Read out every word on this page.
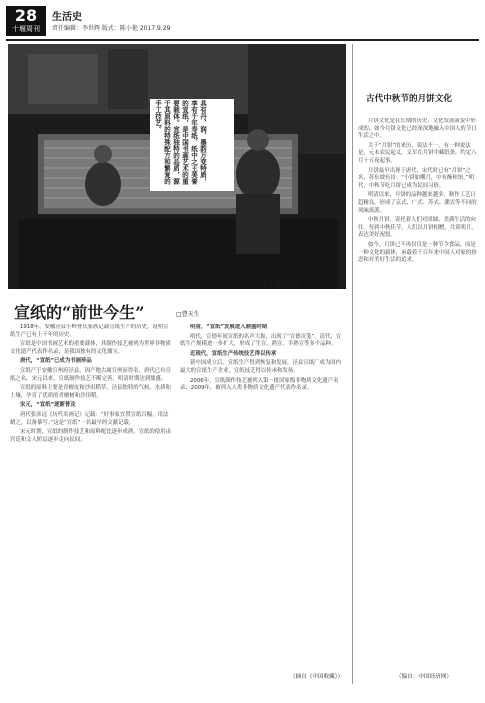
28
十堰周刊
生活史
责任编辑：李世辉 版式：陈小艳 2017.9.29
具有丹、润、墨韵万变特质，享有千年寿纸、纸中之王美誉的宣纸，是中国书画艺术的重要载体。宣纸独特的品质，源于其原料的特殊配方和繁复的手工技艺。
手工制作宣纸。
宣纸的“前世今生”	□曹天生

1918年，安徽泾县小岭曹氏家族记载宣纸生产的历史，说明宣纸生产已有上千年的历史。

宣纸是中国书画艺术的重要载体，其制作技艺被列为世界非物质文化遗产代表作名录，是我国独有的文化瑰宝。

唐代，“宣纸”已成为书画珍品

宣纸产于安徽宣州府泾县，因产地古属宣州而得名。唐代已有宣纸之名，宋元以来，宣纸制作技艺不断完善，明清时期达到鼎盛。

宣纸的原料主要是青檀皮和沙田稻草，泾县独特的气候、水质和土壤，孕育了优质的青檀树和沙田稻。

宋元，“宣纸”逐渐普及

唐代张彦远《历代名画记》记载：“好事家宜置宣纸百幅，用法蜡之，以备摹写。”这是“宣纸”一名最早的文献记载。

宋元时期，宣纸的制作技艺和原料配比逐步成熟，宣纸的使用由宫廷和文人阶层逐步走向民间。

明清，“宣纸”发展进入鼎盛时期

明代，宣德年间宣纸的名声大振，出现了“宣德贡笺”。清代，宣纸生产规模进一步扩大，形成了生宣、熟宣、半熟宣等多个品种。

近现代，宣纸生产传统技艺得以传承

新中国成立后，宣纸生产得到恢复和发展，泾县宣纸厂成为国内最大的宣纸生产企业，宣纸技艺得以传承和发扬。

2006年，宣纸制作技艺被列入第一批国家级非物质文化遗产名录；2009年，被列入人类非物质文化遗产代表作名录。

（摘自《中国收藏》）
古代中秋节的月饼文化

月饼文化是在长期的历史、文化发展演变中形成的，如今月饼文化已经深深地融入中国人的节日生活之中。

关于“月饼”的来历，说法不一。有一种说法是，元末农民起义，义军在月饼中藏纸条，约定八月十五夜起事。

月饼最早出现于唐代，宋代时已有“月饼”之名，苏东坡有诗：“小饼如嚼月，中有酥和饴。”明代，中秋节吃月饼已成为民间习俗。

明清以来，月饼的品种越来越多，制作工艺日趋精良，形成了京式、广式、苏式、潮式等不同的风味流派。

中秋月饼，寄托着人们对团圆、美满生活的向往。每到中秋佳节，人们以月饼相赠，共赏明月，表达美好祝愿。

如今，月饼已不再仅仅是一种节令食品，而是一种文化的载体，承载着千百年来中国人对家的眷恋和对美好生活的追求。

（编自：中国经济网）
